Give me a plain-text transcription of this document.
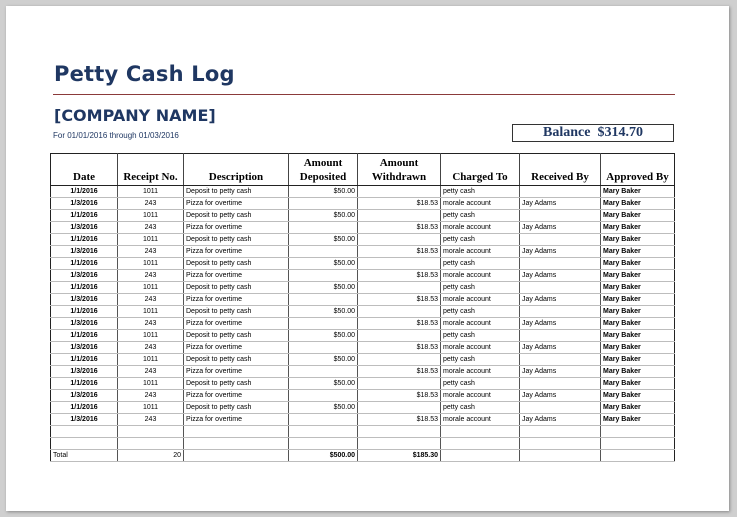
Petty Cash Log
[COMPANY NAME]
For 01/01/2016 through 01/03/2016	Balance $314.70
Date	Receipt No.	Description	Amount Deposited	Amount Withdrawn	Charged To	Received By	Approved By
1/1/2016	1011	Deposit to petty cash	$50.00		petty cash		Mary Baker
1/3/2016	243	Pizza for overtime		$18.53	morale account	Jay Adams	Mary Baker
1/1/2016	1011	Deposit to petty cash	$50.00		petty cash		Mary Baker
1/3/2016	243	Pizza for overtime		$18.53	morale account	Jay Adams	Mary Baker
1/1/2016	1011	Deposit to petty cash	$50.00		petty cash		Mary Baker
1/3/2016	243	Pizza for overtime		$18.53	morale account	Jay Adams	Mary Baker
1/1/2016	1011	Deposit to petty cash	$50.00		petty cash		Mary Baker
1/3/2016	243	Pizza for overtime		$18.53	morale account	Jay Adams	Mary Baker
1/1/2016	1011	Deposit to petty cash	$50.00		petty cash		Mary Baker
1/3/2016	243	Pizza for overtime		$18.53	morale account	Jay Adams	Mary Baker
1/1/2016	1011	Deposit to petty cash	$50.00		petty cash		Mary Baker
1/3/2016	243	Pizza for overtime		$18.53	morale account	Jay Adams	Mary Baker
1/1/2016	1011	Deposit to petty cash	$50.00		petty cash		Mary Baker
1/3/2016	243	Pizza for overtime		$18.53	morale account	Jay Adams	Mary Baker
1/1/2016	1011	Deposit to petty cash	$50.00		petty cash		Mary Baker
1/3/2016	243	Pizza for overtime		$18.53	morale account	Jay Adams	Mary Baker
1/1/2016	1011	Deposit to petty cash	$50.00		petty cash		Mary Baker
1/3/2016	243	Pizza for overtime		$18.53	morale account	Jay Adams	Mary Baker
1/1/2016	1011	Deposit to petty cash	$50.00		petty cash		Mary Baker
1/3/2016	243	Pizza for overtime		$18.53	morale account	Jay Adams	Mary Baker

Total	20		$500.00	$185.30			
